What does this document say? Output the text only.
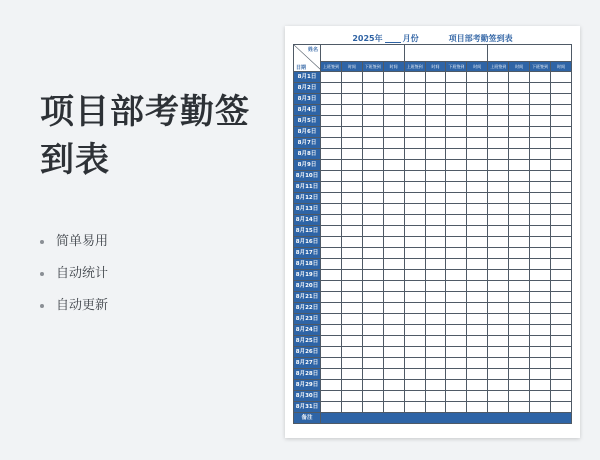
项目部考勤签到表
简单易用
自动统计
自动更新
2025年	月份	项目部考勤签到表
姓名
日期												

	上班签到	时间	下班签到	时间	上班签到	时间	下班签到	时间	上班签到	时间	下班签到	时间
8月1日												
8月2日												
8月3日												
8月4日												
8月5日												
8月6日												
8月7日												
8月8日												
8月9日												
8月10日												
8月11日												
8月12日												
8月13日												
8月14日												
8月15日												
8月16日												
8月17日												
8月18日												
8月19日												
8月20日												
8月21日												
8月22日												
8月23日												
8月24日												
8月25日												
8月26日												
8月27日												
8月28日												
8月29日												
8月30日												
8月31日												
备注												
